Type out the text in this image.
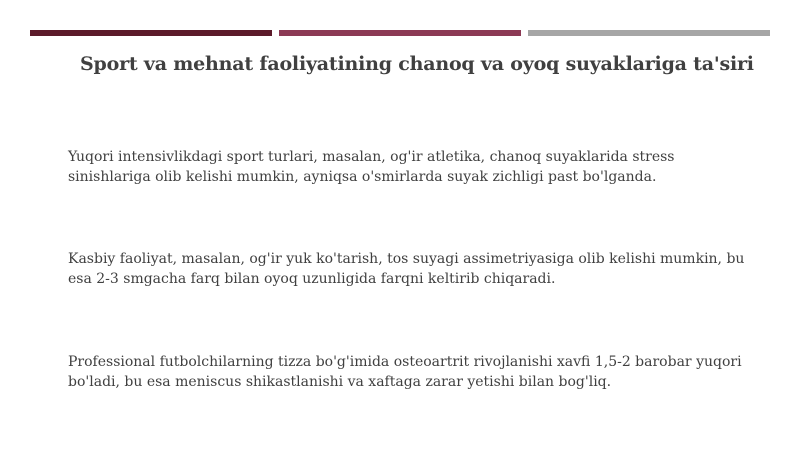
Sport va mehnat faoliyatining chanoq va oyoq suyaklariga ta'siri

Yuqori intensivlikdagi sport turlari, masalan, og'ir atletika, chanoq suyaklarida stress
sinishlariga olib kelishi mumkin, ayniqsa o'smirlarda suyak zichligi past bo'lganda.

Kasbiy faoliyat, masalan, og'ir yuk ko'tarish, tos suyagi assimetriyasiga olib kelishi mumkin, bu
esa 2-3 smgacha farq bilan oyoq uzunligida farqni keltirib chiqaradi.

Professional futbolchilarning tizza bo'g'imida osteoartrit rivojlanishi xavfi 1,5-2 barobar yuqori
bo'ladi, bu esa meniscus shikastlanishi va xaftaga zarar yetishi bilan bog'liq.
